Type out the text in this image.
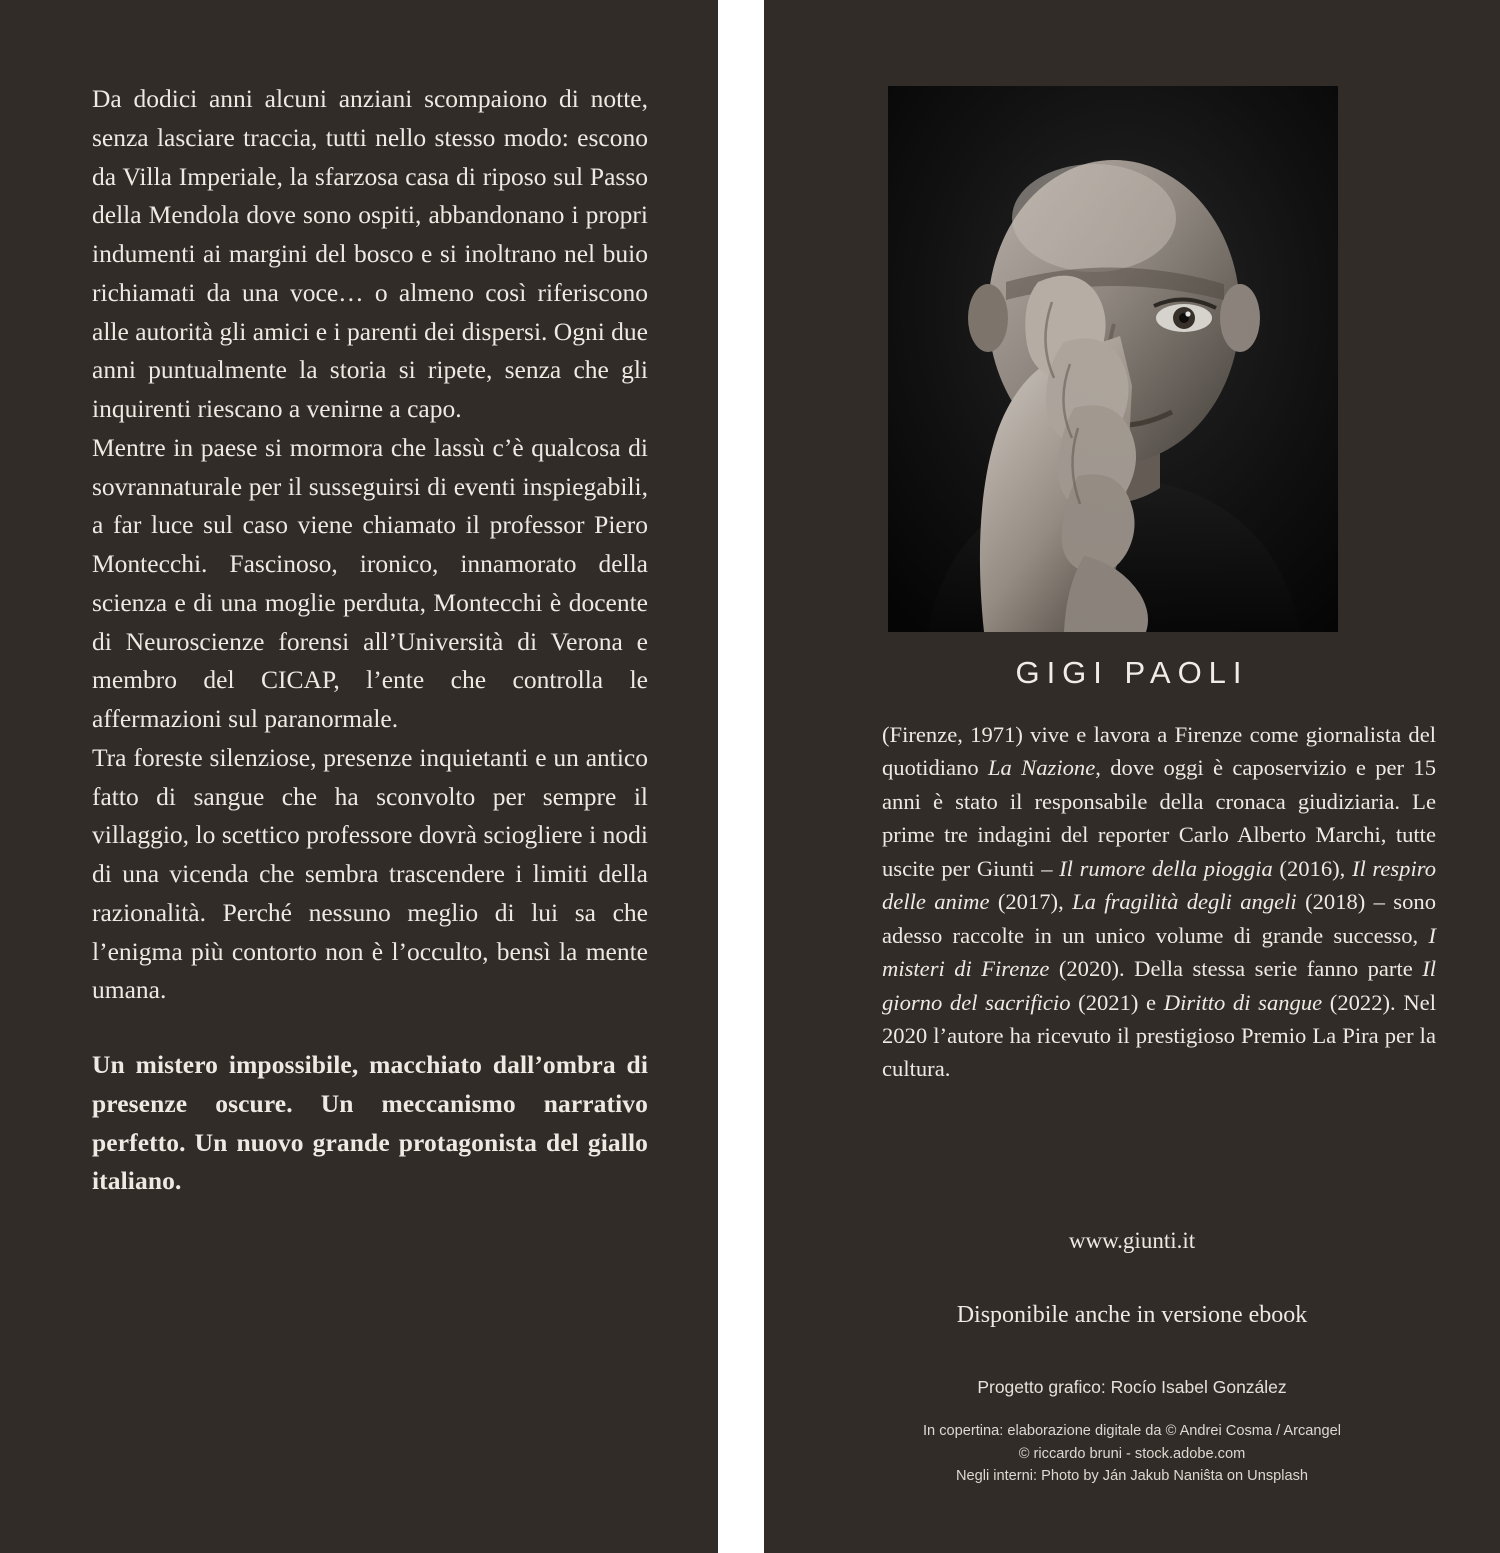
Da dodici anni alcuni anziani scompaiono di notte, senza lasciare traccia, tutti nello stesso modo: escono da Villa Imperiale, la sfarzosa casa di riposo sul Passo della Mendola dove sono ospiti, abbandonano i propri indumenti ai margini del bosco e si inoltrano nel buio richiamati da una voce… o almeno così riferiscono alle autorità gli amici e i parenti dei dispersi. Ogni due anni puntualmente la storia si ripete, senza che gli inquirenti riescano a venirne a capo.

Mentre in paese si mormora che lassù c’è qualcosa di sovrannaturale per il susseguirsi di eventi inspiegabili, a far luce sul caso viene chiamato il professor Piero Montecchi. Fascinoso, ironico, innamorato della scienza e di una moglie perduta, Montecchi è docente di Neuroscienze forensi all’Università di Verona e membro del CICAP, l’ente che controlla le affermazioni sul paranormale.

Tra foreste silenziose, presenze inquietanti e un antico fatto di sangue che ha sconvolto per sempre il villaggio, lo scettico professore dovrà sciogliere i nodi di una vicenda che sembra trascendere i limiti della razionalità. Perché nessuno meglio di lui sa che l’enigma più contorto non è l’occulto, bensì la mente umana.

Un mistero impossibile, macchiato dall’ombra di presenze oscure. Un meccanismo narrativo perfetto. Un nuovo grande protagonista del giallo italiano.

GIGI PAOLI
(Firenze, 1971) vive e lavora a Firenze come giornalista del quotidiano La Nazione, dove oggi è caposervizio e per 15 anni è stato il responsabile della cronaca giudiziaria. Le prime tre indagini del reporter Carlo Alberto Marchi, tutte uscite per Giunti – Il rumore della pioggia (2016), Il respiro delle anime (2017), La fragilità degli angeli (2018) – sono adesso raccolte in un unico volume di grande successo, I misteri di Firenze (2020). Della stessa serie fanno parte Il giorno del sacrificio (2021) e Diritto di sangue (2022). Nel 2020 l’autore ha ricevuto il prestigioso Premio La Pira per la cultura.
www.giunti.it
Disponibile anche in versione ebook
Progetto grafico: Rocío Isabel González
In copertina: elaborazione digitale da © Andrei Cosma / Arcangel
© riccardo bruni - stock.adobe.com
Negli interni: Photo by Ján Jakub Naniŝta on Unsplash
